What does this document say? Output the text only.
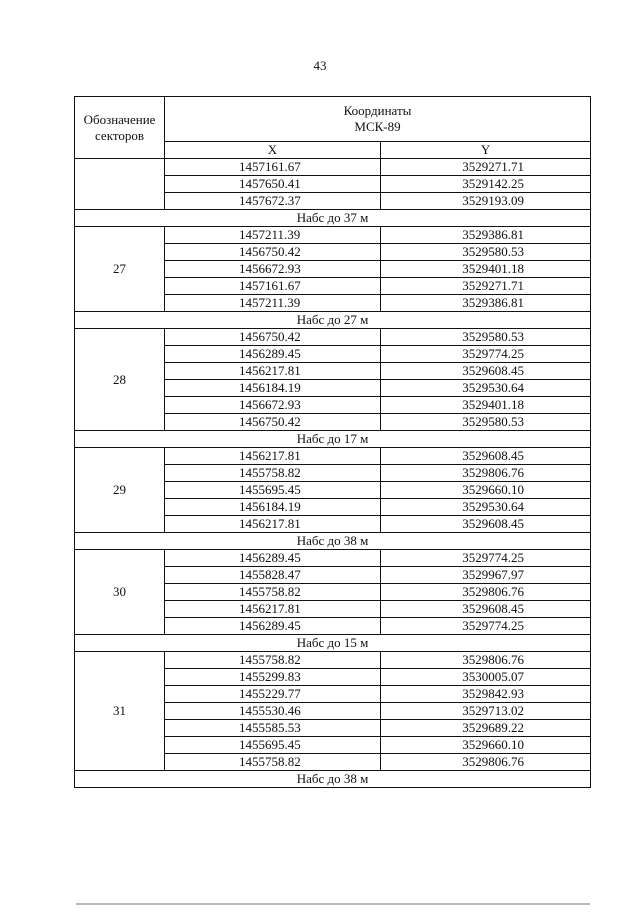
43
Обозначение секторов	Координаты
МСК-89	
	X	Y
	1457161.67	3529271.71
	1457650.41	3529142.25
	1457672.37	3529193.09
Набс до 37 м		
27	1457211.39	3529386.81
	1456750.42	3529580.53
	1456672.93	3529401.18
	1457161.67	3529271.71
	1457211.39	3529386.81
Набс до 27 м		
28	1456750.42	3529580.53
	1456289.45	3529774.25
	1456217.81	3529608.45
	1456184.19	3529530.64
	1456672.93	3529401.18
	1456750.42	3529580.53
Набс до 17 м		
29	1456217.81	3529608.45
	1455758.82	3529806.76
	1455695.45	3529660.10
	1456184.19	3529530.64
	1456217.81	3529608.45
Набс до 38 м		
30	1456289.45	3529774.25
	1455828.47	3529967.97
	1455758.82	3529806.76
	1456217.81	3529608.45
	1456289.45	3529774.25
Набс до 15 м		
31	1455758.82	3529806.76
	1455299.83	3530005.07
	1455229.77	3529842.93
	1455530.46	3529713.02
	1455585.53	3529689.22
	1455695.45	3529660.10
	1455758.82	3529806.76
Набс до 38 м		
